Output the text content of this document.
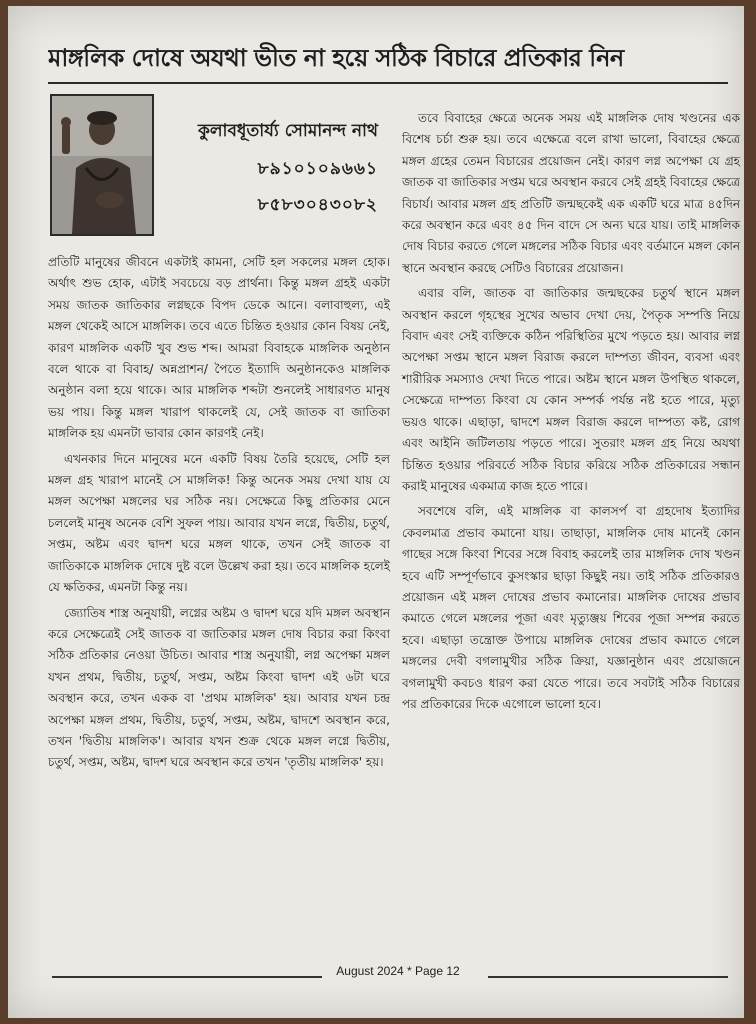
মাঙ্গলিক দোষে অযথা ভীত না হয়ে সঠিক বিচারে প্রতিকার নিন
কুলাবধূতার্য্য সোমানন্দ নাথ
৮৯১০১০৯৬৬১
৮৫৮৩০৪৩০৮২

প্রতিটি মানুষের জীবনে একটাই কামনা, সেটি হল সকলের মঙ্গল হোক। অর্থাৎ শুভ হোক, এটাই সবচেয়ে বড় প্রার্থনা। কিন্তু মঙ্গল গ্রহই একটা সময় জাতক জাতিকার লগ্নছকে বিপদ ডেকে আনে। বলাবাহুল্য, এই মঙ্গল থেকেই আসে মাঙ্গলিক। তবে এতে চিন্তিত হওয়ার কোন বিষয় নেই, কারণ মাঙ্গলিক একটি খুব শুভ শব্দ। আমরা বিবাহকে মাঙ্গলিক অনুষ্ঠান বলে থাকে বা বিবাহ/ অন্নপ্রাশন/ পৈতে ইত্যাদি অনুষ্ঠানকেও মাঙ্গলিক অনুষ্ঠান বলা হয়ে থাকে। আর মাঙ্গলিক শব্দটা শুনলেই সাধারণত মানুষ ভয় পায়। কিন্তু মঙ্গল খারাপ থাকলেই যে, সেই জাতক বা জাতিকা মাঙ্গলিক হয় এমনটা ভাবার কোন কারণই নেই।

এখনকার দিনে মানুষের মনে একটি বিষয় তৈরি হয়েছে, সেটি হল মঙ্গল গ্রহ খারাপ মানেই সে মাঙ্গলিক! কিন্তু অনেক সময় দেখা যায় যে মঙ্গল অপেক্ষা মঙ্গলের ঘর সঠিক নয়। সেক্ষেত্রে কিছু প্রতিকার মেনে চললেই মানুষ অনেক বেশি সুফল পায়। আবার যখন লগ্নে, দ্বিতীয়, চতুর্থ, সপ্তম, অষ্টম এবং দ্বাদশ ঘরে মঙ্গল থাকে, তখন সেই জাতক বা জাতিকাকে মাঙ্গলিক দোষে দুষ্ট বলে উল্লেখ করা হয়। তবে মাঙ্গলিক হলেই যে ক্ষতিকর, এমনটা কিন্তু নয়।

জ্যোতিষ শাস্ত্র অনুযায়ী, লগ্নের অষ্টম ও দ্বাদশ ঘরে যদি মঙ্গল অবস্থান করে সেক্ষেত্রেই সেই জাতক বা জাতিকার মঙ্গল দোষ বিচার করা কিংবা সঠিক প্রতিকার নেওয়া উচিত। আবার শাস্ত্র অনুযায়ী, লগ্ন অপেক্ষা মঙ্গল যখন প্রথম, দ্বিতীয়, চতুর্থ, সপ্তম, অষ্টম কিংবা দ্বাদশ এই ৬টা ঘরে অবস্থান করে, তখন একক বা 'প্রথম মাঙ্গলিক' হয়। আবার যখন চন্দ্র অপেক্ষা মঙ্গল প্রথম, দ্বিতীয়, চতুর্থ, সপ্তম, অষ্টম, দ্বাদশে অবস্থান করে, তখন 'দ্বিতীয় মাঙ্গলিক'। আবার যখন শুক্র থেকে মঙ্গল লগ্নে দ্বিতীয়, চতুর্থ, সপ্তম, অষ্টম, দ্বাদশ ঘরে অবস্থান করে তখন 'তৃতীয় মাঙ্গলিক' হয়।

তবে বিবাহের ক্ষেত্রে অনেক সময় এই মাঙ্গলিক দোষ খণ্ডনের এক বিশেষ চর্চা শুরু হয়। তবে এক্ষেত্রে বলে রাখা ভালো, বিবাহের ক্ষেত্রে মঙ্গল গ্রহের তেমন বিচারের প্রয়োজন নেই। কারণ লগ্ন অপেক্ষা যে গ্রহ জাতক বা জাতিকার সপ্তম ঘরে অবস্থান করবে সেই গ্রহই বিবাহের ক্ষেত্রে বিচার্য। আবার মঙ্গল গ্রহ প্রতিটি জন্মছকেই এক একটি ঘরে মাত্র ৪৫দিন করে অবস্থান করে এবং ৪৫ দিন বাদে সে অন্য ঘরে যায়। তাই মাঙ্গলিক দোষ বিচার করতে গেলে মঙ্গলের সঠিক বিচার এবং বর্তমানে মঙ্গল কোন স্থানে অবস্থান করছে সেটিও বিচারের প্রয়োজন।

এবার বলি, জাতক বা জাতিকার জন্মছকের চতুর্থ স্থানে মঙ্গল অবস্থান করলে গৃহস্থের সুখের অভাব দেখা দেয়, পৈতৃক সম্পত্তি নিয়ে বিবাদ এবং সেই ব্যক্তিকে কঠিন পরিস্থিতির মুখে পড়তে হয়। আবার লগ্ন অপেক্ষা সপ্তম স্থানে মঙ্গল বিরাজ করলে দাম্পত্য জীবন, ব্যবসা এবং শারীরিক সমস্যাও দেখা দিতে পারে। অষ্টম স্থানে মঙ্গল উপস্থিত থাকলে, সেক্ষেত্রে দাম্পত্য কিংবা যে কোন সম্পর্ক পর্যন্ত নষ্ট হতে পারে, মৃত্যু ভয়ও থাকে। এছাড়া, দ্বাদশে মঙ্গল বিরাজ করলে দাম্পত্য কষ্ট, রোগ এবং আইনি জটিলতায় পড়তে পারে। সুতরাং মঙ্গল গ্রহ নিয়ে অযথা চিন্তিত হওয়ার পরিবর্তে সঠিক বিচার করিয়ে সঠিক প্রতিকারের সন্ধান করাই মানুষের একমাত্র কাজ হতে পারে।

সবশেষে বলি, এই মাঙ্গলিক বা কালসর্প বা গ্রহদোষ ইত্যাদির কেবলমাত্র প্রভাব কমানো যায়। তাছাড়া, মাঙ্গলিক দোষ মানেই কোন গাছের সঙ্গে কিংবা শিবের সঙ্গে বিবাহ করলেই তার মাঙ্গলিক দোষ খণ্ডন হবে এটি সম্পূর্ণভাবে কুসংস্কার ছাড়া কিছুই নয়। তাই সঠিক প্রতিকারও প্রয়োজন এই মঙ্গল দোষের প্রভাব কমানোর। মাঙ্গলিক দোষের প্রভাব কমাতে গেলে মঙ্গলের পূজা এবং মৃত্যুঞ্জয় শিবের পূজা সম্পন্ন করতে হবে। এছাড়া তন্ত্রোক্ত উপায়ে মাঙ্গলিক দোষের প্রভাব কমাতে গেলে মঙ্গলের দেবী বগলামুখীর সঠিক ক্রিয়া, যজ্ঞানুষ্ঠান এবং প্রয়োজনে বগলামুখী কবচও ধারণ করা যেতে পারে। তবে সবটাই সঠিক বিচারের পর প্রতিকারের দিকে এগোলে ভালো হবে।

August 2024 * Page 12
